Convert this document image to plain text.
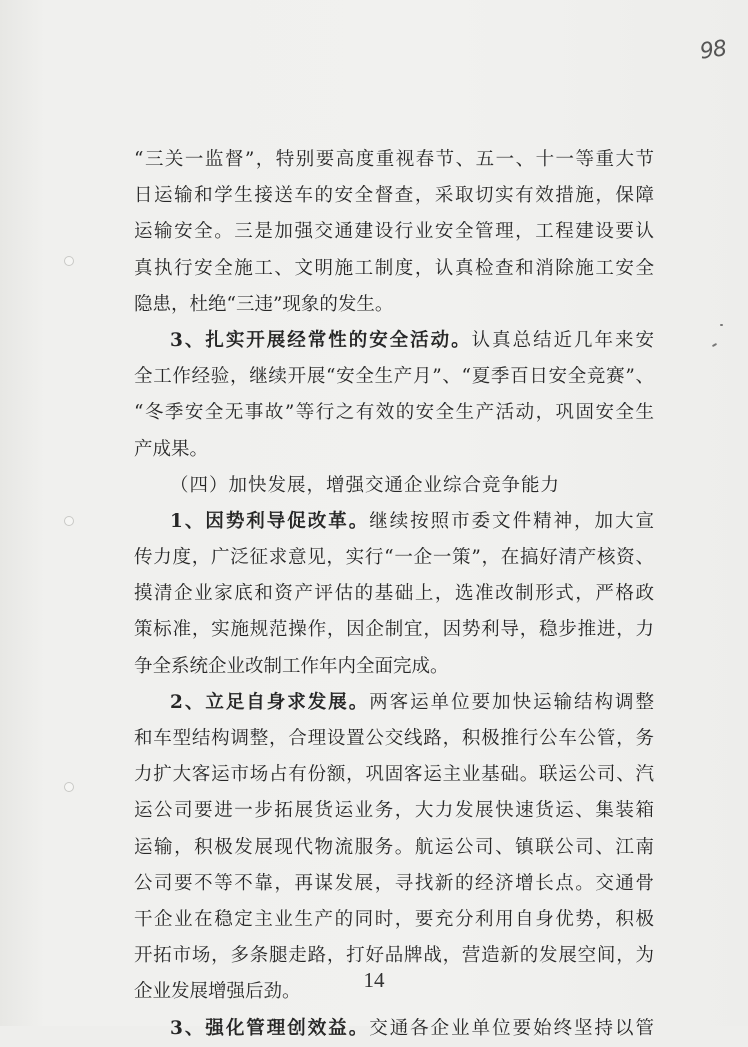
98
“三关一监督”，特别要高度重视春节、五一、十一等重大节
日运输和学生接送车的安全督查，采取切实有效措施，保障
运输安全。三是加强交通建设行业安全管理，工程建设要认
真执行安全施工、文明施工制度，认真检查和消除施工安全
隐患，杜绝“三违”现象的发生。
3、扎实开展经常性的安全活动。 认真总结近几年来安
全工作经验，继续开展“安全生产月”、“夏季百日安全竞赛”、
“冬季安全无事故”等行之有效的安全生产活动，巩固安全生
产成果。
（四）加快发展，增强交通企业综合竞争能力
1、因势利导促改革。 继续按照市委文件精神，加大宣
传力度，广泛征求意见，实行“一企一策”，在搞好清产核资、
摸清企业家底和资产评估的基础上，选准改制形式，严格政
策标准，实施规范操作，因企制宜，因势利导，稳步推进，力
争全系统企业改制工作年内全面完成。
2、立足自身求发展。 两客运单位要加快运输结构调整
和车型结构调整，合理设置公交线路，积极推行公车公管，务
力扩大客运市场占有份额，巩固客运主业基础。联运公司、汽
运公司要进一步拓展货运业务，大力发展快速货运、集装箱
运输，积极发展现代物流服务。航运公司、镇联公司、江南
公司要不等不靠，再谋发展，寻找新的经济增长点。交通骨
干企业在稳定主业生产的同时，要充分利用自身优势，积极
开拓市场，多条腿走路，打好品牌战，营造新的发展空间，为
企业发展增强后劲。
3、强化管理创效益。 交通各企业单位要始终坚持以管
14
